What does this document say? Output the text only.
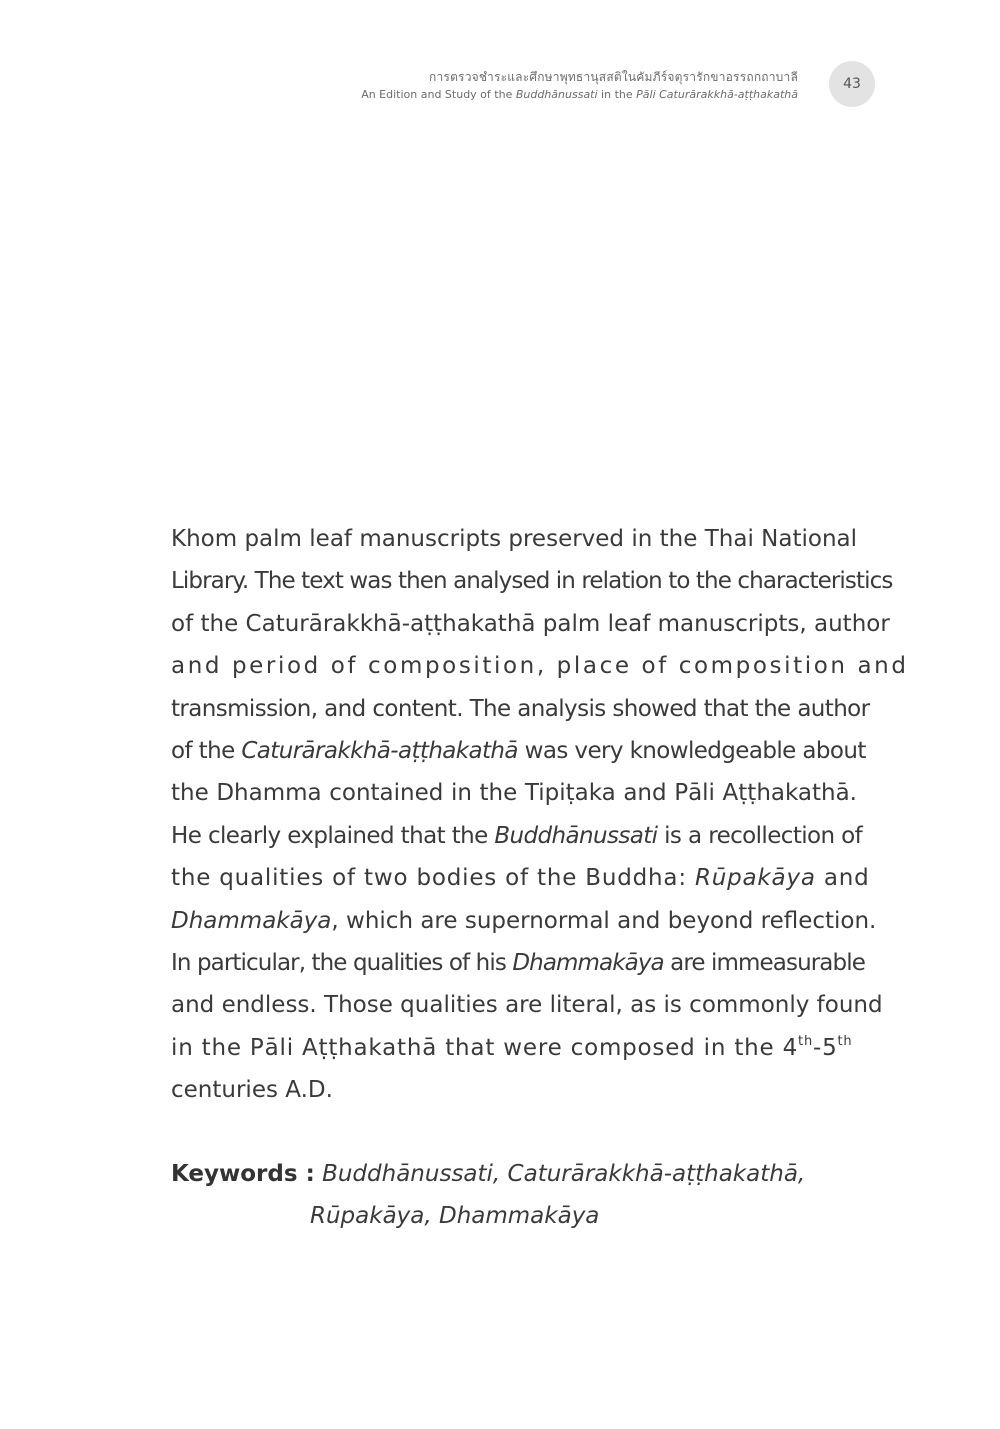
การตรวจชำระและศึกษาพุทธานุสสติในคัมภีร์จตุรารักขาอรรถกถาบาลี
An Edition and Study of the Buddhānussati in the Pāli Caturārakkhā-aṭṭhakathā
43
Khom palm leaf manuscripts preserved in the Thai National
Library. The text was then analysed in relation to the characteristics
of the Caturārakkhā-aṭṭhakathā palm leaf manuscripts, author
and period of composition, place of composition and
transmission, and content. The analysis showed that the author
of the Caturārakkhā-aṭṭhakathā was very knowledgeable about
the Dhamma contained in the Tipiṭaka and Pāli Aṭṭhakathā.
He clearly explained that the Buddhānussati is a recollection of
the qualities of two bodies of the Buddha: Rūpakāya and
Dhammakāya, which are supernormal and beyond reflection.
In particular, the qualities of his Dhammakāya are immeasurable
and endless. Those qualities are literal, as is commonly found
in the Pāli Aṭṭhakathā that were composed in the 4th-5th
centuries A.D.
Keywords : Buddhānussati, Caturārakkhā-aṭṭhakathā,
Rūpakāya, Dhammakāya
